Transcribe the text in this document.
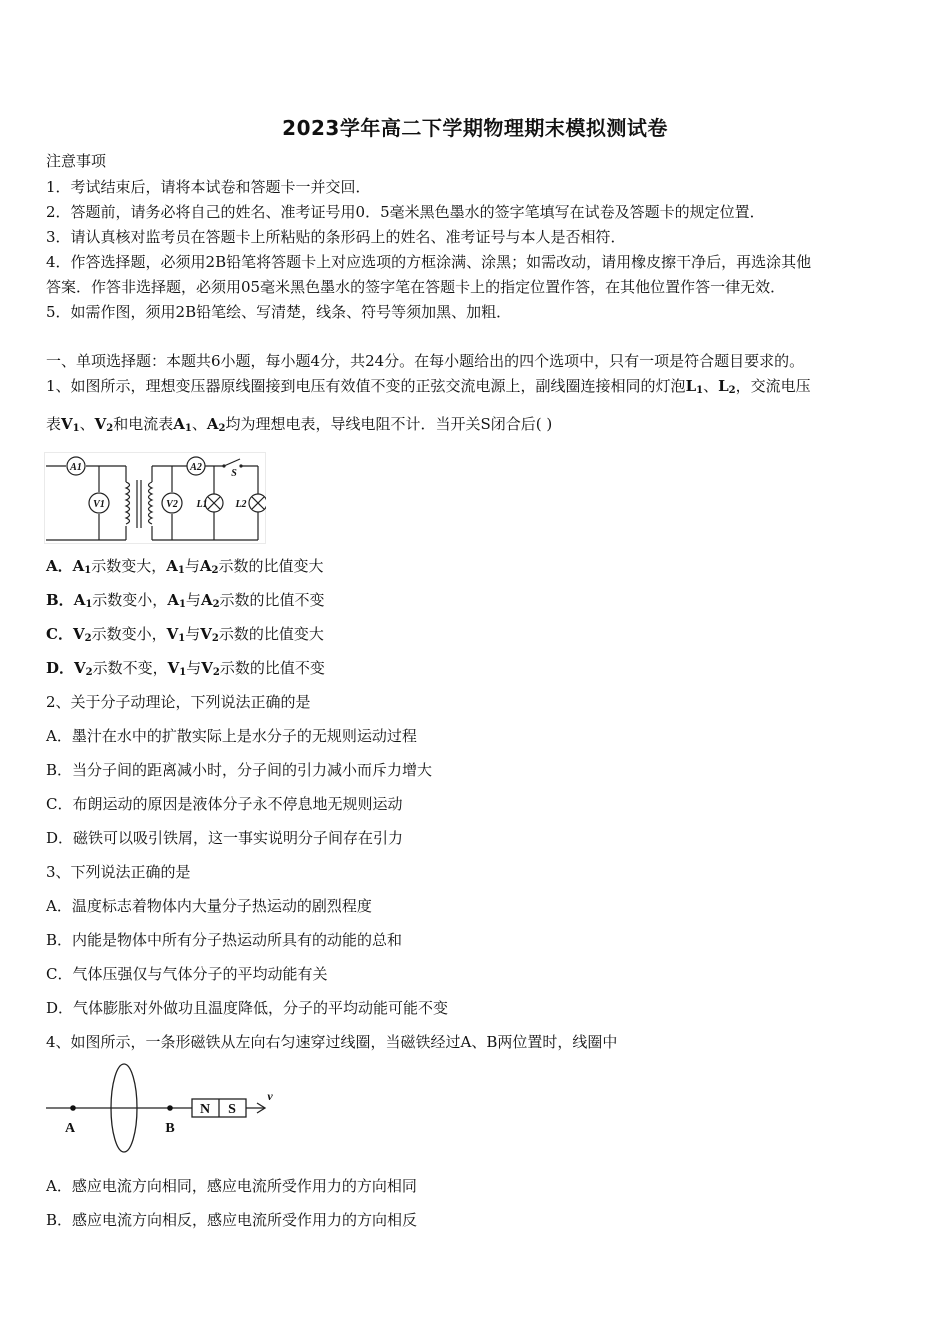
2023学年高二下学期物理期末模拟测试卷
注意事项
1．考试结束后，请将本试卷和答题卡一并交回．
2．答题前，请务必将自己的姓名、准考证号用0．5毫米黑色墨水的签字笔填写在试卷及答题卡的规定位置．
3．请认真核对监考员在答题卡上所粘贴的条形码上的姓名、准考证号与本人是否相符．
4．作答选择题，必须用2B铅笔将答题卡上对应选项的方框涂满、涂黑；如需改动，请用橡皮擦干净后，再选涂其他
答案．作答非选择题，必须用05毫米黑色墨水的签字笔在答题卡上的指定位置作答，在其他位置作答一律无效．
5．如需作图，须用2B铅笔绘、写清楚，线条、符号等须加黑、加粗．
一、单项选择题：本题共6小题，每小题4分，共24分。在每小题给出的四个选项中，只有一项是符合题目要求的。
1、如图所示，理想变压器原线圈接到电压有效值不变的正弦交流电源上，副线圈连接相同的灯泡$L_1$、$L_2$，交流电压
表$V_1$、$V_2$和电流表$A_1$、$A_2$均为理想电表，导线电阻不计．当开关S闭合后( )
A1
V1	V2
A2
S
L1	L2
A．$A_1$示数变大，$A_1$与$A_2$示数的比值变大
B．$A_1$示数变小，$A_1$与$A_2$示数的比值不变
C．$V_2$示数变小，$V_1$与$V_2$示数的比值变大
D．$V_2$示数不变，$V_1$与$V_2$示数的比值不变
2、关于分子动理论，下列说法正确的是
A．墨汁在水中的扩散实际上是水分子的无规则运动过程
B．当分子间的距离减小时，分子间的引力减小而斥力增大
C．布朗运动的原因是液体分子永不停息地无规则运动
D．磁铁可以吸引铁屑，这一事实说明分子间存在引力
3、下列说法正确的是
A．温度标志着物体内大量分子热运动的剧烈程度
B．内能是物体中所有分子热运动所具有的动能的总和
C．气体压强仅与气体分子的平均动能有关
D．气体膨胀对外做功且温度降低，分子的平均动能可能不变
4、如图所示，一条形磁铁从左向右匀速穿过线圈，当磁铁经过A、B两位置时，线圈中
A	B
N S
v
A．感应电流方向相同，感应电流所受作用力的方向相同
B．感应电流方向相反，感应电流所受作用力的方向相反
